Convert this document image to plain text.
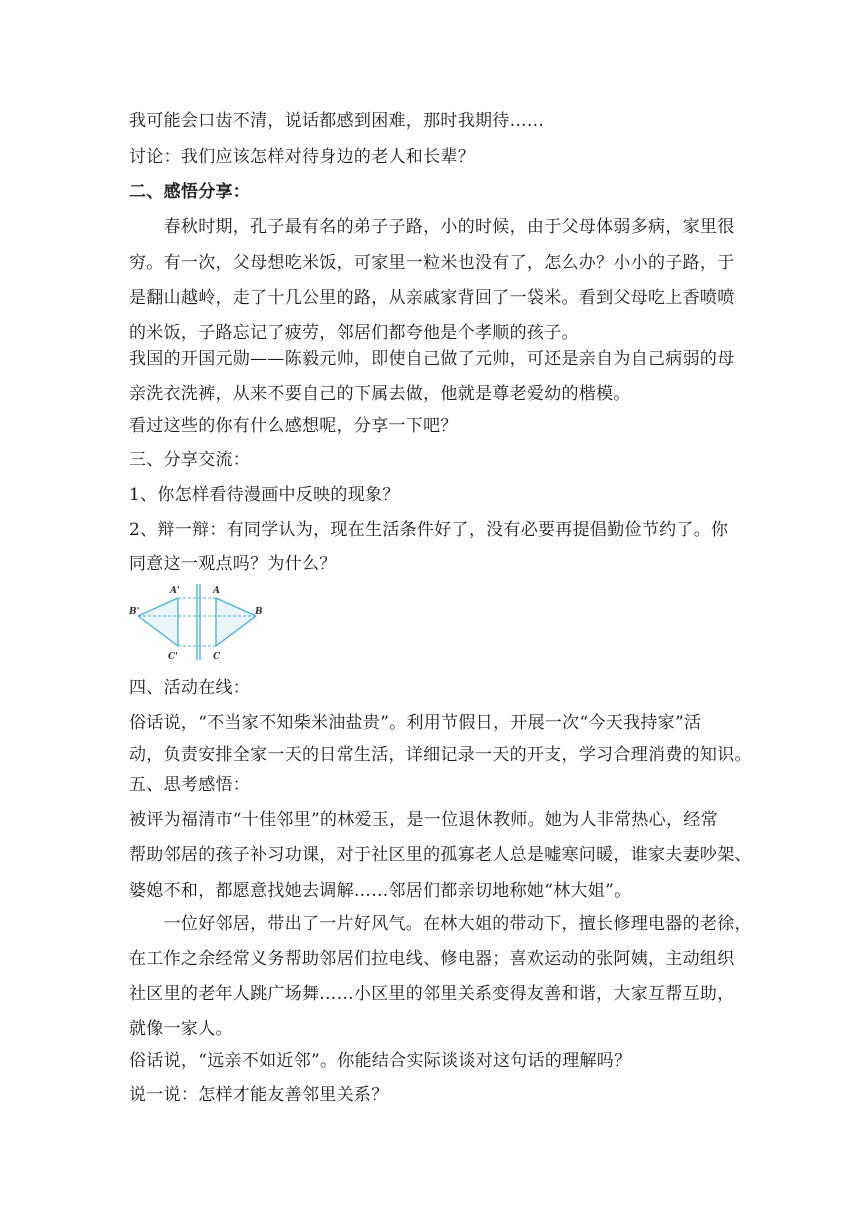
我可能会口齿不清，说话都感到困难，那时我期待……
讨论：我们应该怎样对待身边的老人和长辈？
二、感悟分享：
　　春秋时期，孔子最有名的弟子子路，小的时候，由于父母体弱多病，家里很
穷。有一次，父母想吃米饭，可家里一粒米也没有了，怎么办？小小的子路，于
是翻山越岭，走了十几公里的路，从亲戚家背回了一袋米。看到父母吃上香喷喷
的米饭，子路忘记了疲劳，邻居们都夸他是个孝顺的孩子。
我国的开国元勋——陈毅元帅，即使自己做了元帅，可还是亲自为自己病弱的母
亲洗衣洗裤，从来不要自己的下属去做，他就是尊老爱幼的楷模。
看过这些的你有什么感想呢，分享一下吧？
三、分享交流：
1、你怎样看待漫画中反映的现象？
2、辩一辩：有同学认为，现在生活条件好了，没有必要再提倡勤俭节约了。你
同意这一观点吗？为什么？
A'	A
B'	B
C'	C
四、活动在线：
俗话说，“不当家不知柴米油盐贵”。利用节假日，开展一次“今天我持家”活
动，负责安排全家一天的日常生活，详细记录一天的开支，学习合理消费的知识。
五、思考感悟：
被评为福清市“十佳邻里”的林爱玉，是一位退休教师。她为人非常热心，经常
帮助邻居的孩子补习功课，对于社区里的孤寡老人总是嘘寒问暖，谁家夫妻吵架、
婆媳不和，都愿意找她去调解……邻居们都亲切地称她“林大姐”。
　　一位好邻居，带出了一片好风气。在林大姐的带动下，擅长修理电器的老徐，
在工作之余经常义务帮助邻居们拉电线、修电器；喜欢运动的张阿姨，主动组织
社区里的老年人跳广场舞……小区里的邻里关系变得友善和谐，大家互帮互助，
就像一家人。
俗话说，“远亲不如近邻”。你能结合实际谈谈对这句话的理解吗？
说一说：怎样才能友善邻里关系？
